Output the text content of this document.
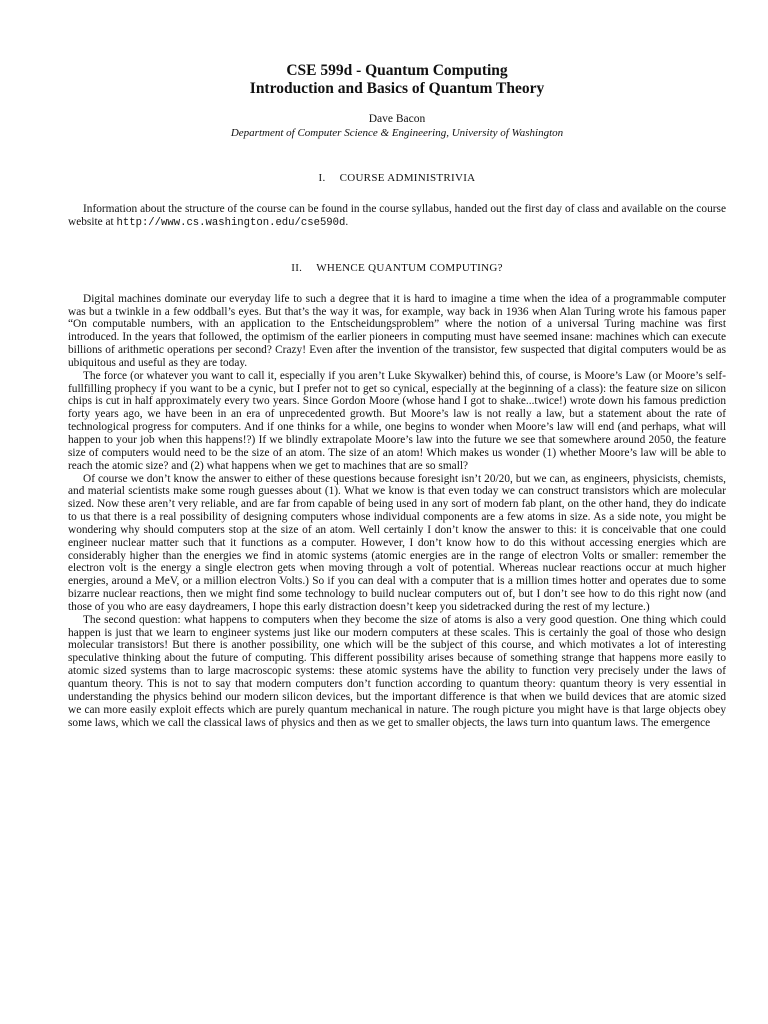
CSE 599d - Quantum Computing
Introduction and Basics of Quantum Theory
Dave Bacon
Department of Computer Science & Engineering, University of Washington
I. COURSE ADMINISTRIVIA

Information about the structure of the course can be found in the course syllabus, handed out the first day of class and available on the course website at http://www.cs.washington.edu/cse590d.

II. WHENCE QUANTUM COMPUTING?

Digital machines dominate our everyday life to such a degree that it is hard to imagine a time when the idea of a programmable computer was but a twinkle in a few oddball’s eyes. But that’s the way it was, for example, way back in 1936 when Alan Turing wrote his famous paper “On computable numbers, with an application to the Entscheidungsproblem” where the notion of a universal Turing machine was first introduced. In the years that followed, the optimism of the earlier pioneers in computing must have seemed insane: machines which can execute billions of arithmetic operations per second? Crazy! Even after the invention of the transistor, few suspected that digital computers would be as ubiquitous and useful as they are today.

The force (or whatever you want to call it, especially if you aren’t Luke Skywalker) behind this, of course, is Moore’s Law (or Moore’s self-fullfilling prophecy if you want to be a cynic, but I prefer not to get so cynical, especially at the beginning of a class): the feature size on silicon chips is cut in half approximately every two years. Since Gordon Moore (whose hand I got to shake...twice!) wrote down his famous prediction forty years ago, we have been in an era of unprecedented growth. But Moore’s law is not really a law, but a statement about the rate of technological progress for computers. And if one thinks for a while, one begins to wonder when Moore’s law will end (and perhaps, what will happen to your job when this happens!?) If we blindly extrapolate Moore’s law into the future we see that somewhere around 2050, the feature size of computers would need to be the size of an atom. The size of an atom! Which makes us wonder (1) whether Moore’s law will be able to reach the atomic size? and (2) what happens when we get to machines that are so small?

Of course we don’t know the answer to either of these questions because foresight isn’t 20/20, but we can, as engineers, physicists, chemists, and material scientists make some rough guesses about (1). What we know is that even today we can construct transistors which are molecular sized. Now these aren’t very reliable, and are far from capable of being used in any sort of modern fab plant, on the other hand, they do indicate to us that there is a real possibility of designing computers whose individual components are a few atoms in size. As a side note, you might be wondering why should computers stop at the size of an atom. Well certainly I don’t know the answer to this: it is conceivable that one could engineer nuclear matter such that it functions as a computer. However, I don’t know how to do this without accessing energies which are considerably higher than the energies we find in atomic systems (atomic energies are in the range of electron Volts or smaller: remember the electron volt is the energy a single electron gets when moving through a volt of potential. Whereas nuclear reactions occur at much higher energies, around a MeV, or a million electron Volts.) So if you can deal with a computer that is a million times hotter and operates due to some bizarre nuclear reactions, then we might find some technology to build nuclear computers out of, but I don’t see how to do this right now (and those of you who are easy daydreamers, I hope this early distraction doesn’t keep you sidetracked during the rest of my lecture.)

The second question: what happens to computers when they become the size of atoms is also a very good question. One thing which could happen is just that we learn to engineer systems just like our modern computers at these scales. This is certainly the goal of those who design molecular transistors! But there is another possibility, one which will be the subject of this course, and which motivates a lot of interesting speculative thinking about the future of computing. This different possibility arises because of something strange that happens more easily to atomic sized systems than to large macroscopic systems: these atomic systems have the ability to function very precisely under the laws of quantum theory. This is not to say that modern computers don’t function according to quantum theory: quantum theory is very essential in understanding the physics behind our modern silicon devices, but the important difference is that when we build devices that are atomic sized we can more easily exploit effects which are purely quantum mechanical in nature. The rough picture you might have is that large objects obey some laws, which we call the classical laws of physics and then as we get to smaller objects, the laws turn into quantum laws. The emergence
